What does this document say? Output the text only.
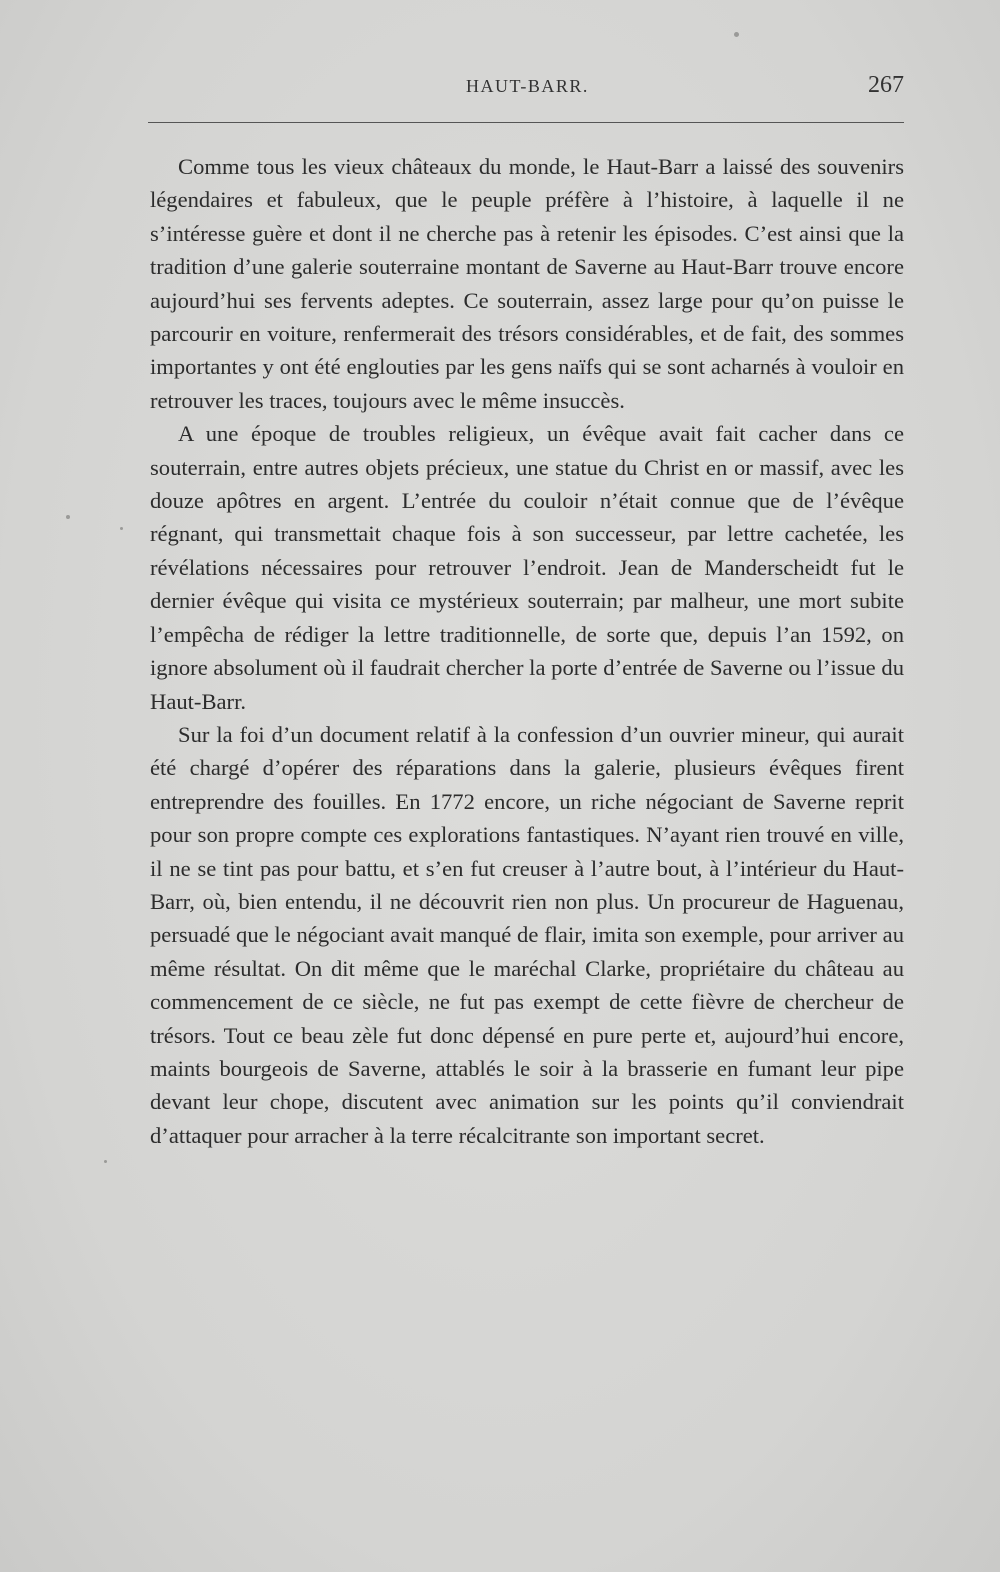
HAUT-BARR.	267

Comme tous les vieux châteaux du monde, le Haut-Barr a laissé des souvenirs légendaires et fabuleux, que le peuple préfère à l’histoire, à laquelle il ne s’intéresse guère et dont il ne cherche pas à retenir les épisodes. C’est ainsi que la tradition d’une galerie souterraine montant de Saverne au Haut-Barr trouve encore aujourd’hui ses fervents adeptes. Ce souterrain, assez large pour qu’on puisse le parcourir en voiture, renfermerait des trésors considérables, et de fait, des sommes importantes y ont été englouties par les gens naïfs qui se sont acharnés à vouloir en retrouver les traces, toujours avec le même insuccès.

A une époque de troubles religieux, un évêque avait fait cacher dans ce souterrain, entre autres objets précieux, une statue du Christ en or massif, avec les douze apôtres en argent. L’entrée du couloir n’était connue que de l’évêque régnant, qui transmettait chaque fois à son successeur, par lettre cachetée, les révélations nécessaires pour retrouver l’endroit. Jean de Manderscheidt fut le dernier évêque qui visita ce mystérieux souterrain; par malheur, une mort subite l’empêcha de rédiger la lettre traditionnelle, de sorte que, depuis l’an 1592, on ignore absolument où il faudrait chercher la porte d’entrée de Saverne ou l’issue du Haut-Barr.

Sur la foi d’un document relatif à la confession d’un ouvrier mineur, qui aurait été chargé d’opérer des réparations dans la galerie, plusieurs évêques firent entreprendre des fouilles. En 1772 encore, un riche négociant de Saverne reprit pour son propre compte ces explorations fantastiques. N’ayant rien trouvé en ville, il ne se tint pas pour battu, et s’en fut creuser à l’autre bout, à l’intérieur du Haut-Barr, où, bien entendu, il ne découvrit rien non plus. Un procureur de Haguenau, persuadé que le négociant avait manqué de flair, imita son exemple, pour arriver au même résultat. On dit même que le maréchal Clarke, propriétaire du château au commencement de ce siècle, ne fut pas exempt de cette fièvre de chercheur de trésors. Tout ce beau zèle fut donc dépensé en pure perte et, aujourd’hui encore, maints bourgeois de Saverne, attablés le soir à la brasserie en fumant leur pipe devant leur chope, discutent avec animation sur les points qu’il conviendrait d’attaquer pour arracher à la terre récalcitrante son important secret.
